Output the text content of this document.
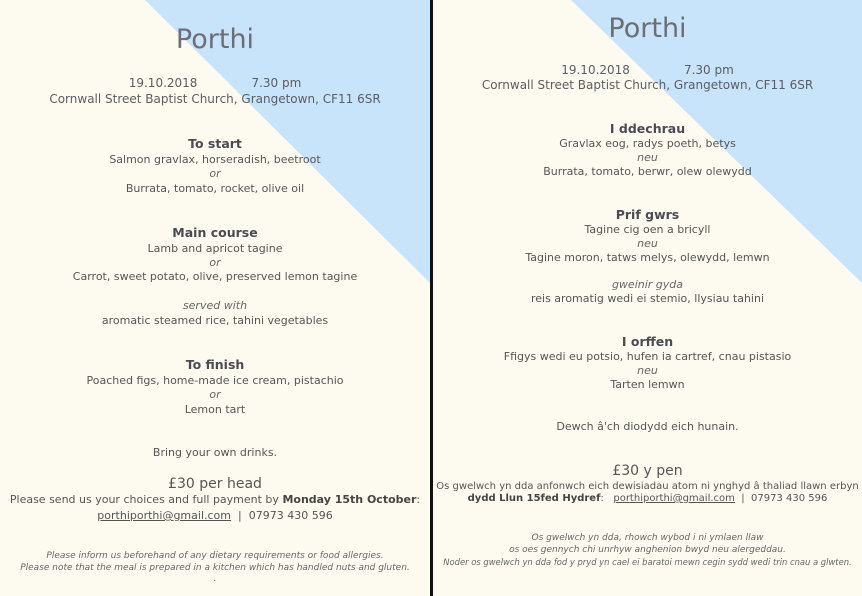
Porthi
19.10.2018	7.30 pm
Cornwall Street Baptist Church, Grangetown, CF11 6SR
To start
Salmon gravlax, horseradish, beetroot
or
Burrata, tomato, rocket, olive oil
Main course
Lamb and apricot tagine
or
Carrot, sweet potato, olive, preserved lemon tagine
served with
aromatic steamed rice, tahini vegetables
To finish
Poached figs, home-made ice cream, pistachio
or
Lemon tart
Bring your own drinks.
£30 per head
Please send us your choices and full payment by Monday 15th October:
porthiporthi@gmail.com | 07973 430 596
Please inform us beforehand of any dietary requirements or food allergies.
Please note that the meal is prepared in a kitchen which has handled nuts and gluten.
.
Porthi
19.10.2018	7.30 pm
Cornwall Street Baptist Church, Grangetown, CF11 6SR
I ddechrau
Gravlax eog, radys poeth, betys
neu
Burrata, tomato, berwr, olew olewydd
Prif gwrs
Tagine cig oen a bricyll
neu
Tagine moron, tatws melys, olewydd, lemwn
gweinir gyda
reis aromatig wedi ei stemio, llysiau tahini
I orffen
Ffigys wedi eu potsio, hufen ia cartref, cnau pistasio
neu
Tarten lemwn
Dewch â'ch diodydd eich hunain.
£30 y pen
Os gwelwch yn dda anfonwch eich dewisiadau atom ni ynghyd â thaliad llawn erbyn
dydd Llun 15fed Hydref: porthiporthi@gmail.com | 07973 430 596
Os gwelwch yn dda, rhowch wybod i ni ymlaen llaw
os oes gennych chi unrhyw anghenion bwyd neu alergeddau.
Noder os gwelwch yn dda fod y pryd yn cael ei baratoi mewn cegin sydd wedi trin cnau a glwten.
